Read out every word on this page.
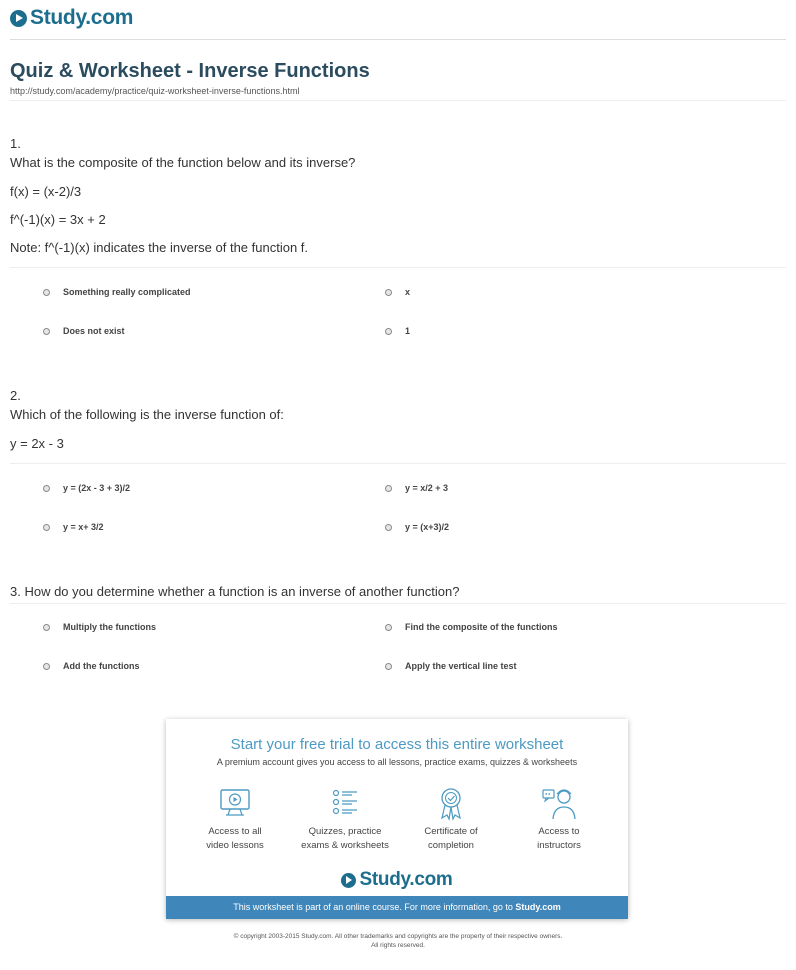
Study.com
Quiz & Worksheet - Inverse Functions
http://study.com/academy/practice/quiz-worksheet-inverse-functions.html
1.
What is the composite of the function below and its inverse?
f(x) = (x-2)/3
f^(-1)(x) = 3x + 2
Note: f^(-1)(x) indicates the inverse of the function f.
Something really complicated	x
Does not exist	1
2.
Which of the following is the inverse function of:
y = 2x - 3
y = (2x - 3 + 3)/2	y = x/2 + 3
y = x+ 3/2	y = (x+3)/2
3. How do you determine whether a function is an inverse of another function?
Multiply the functions	Find the composite of the functions
Add the functions	Apply the vertical line test
Start your free trial to access this entire worksheet
A premium account gives you access to all lessons, practice exams, quizzes & worksheets
Access to all
video lessons
Quizzes, practice
exams & worksheets
Certificate of
completion
Access to
instructors
Study.com
This worksheet is part of an online course. For more information, go to Study.com
© copyright 2003-2015 Study.com. All other trademarks and copyrights are the property of their respective owners.
All rights reserved.
